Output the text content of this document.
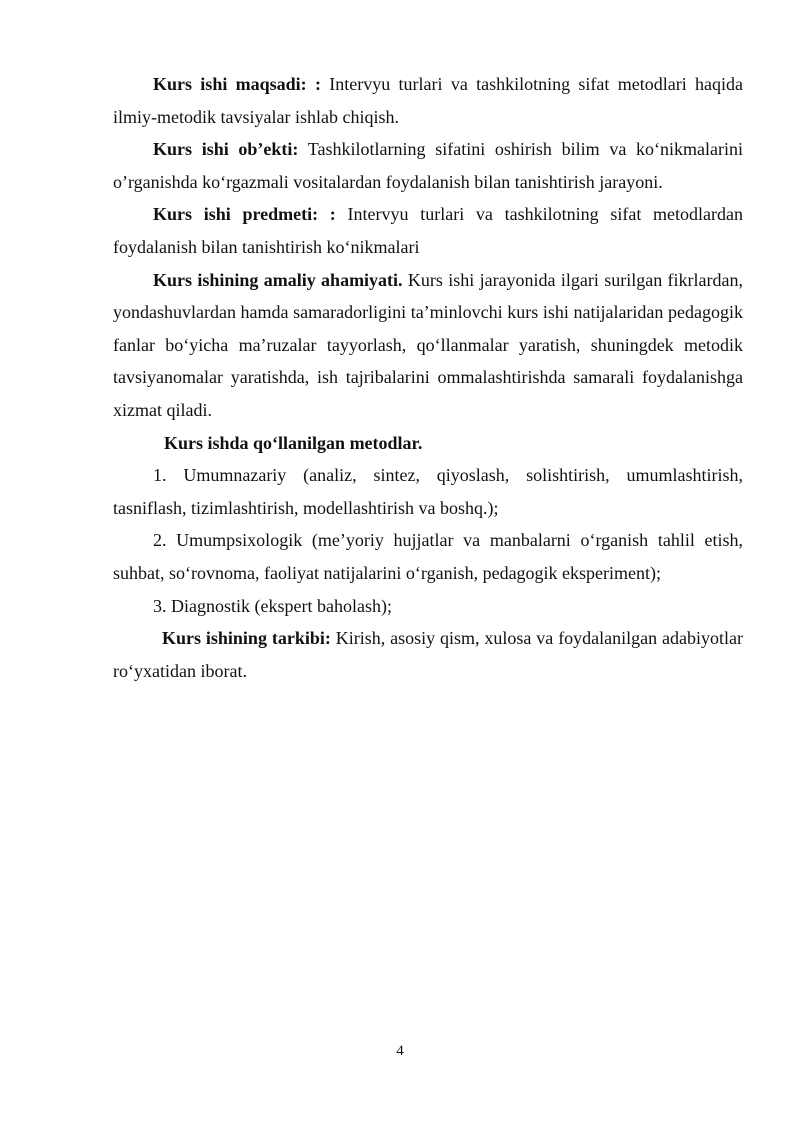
Kurs ishi maqsadi: : Intervyu turlari va tashkilotning sifat metodlari haqida ilmiy-metodik tavsiyalar ishlab chiqish.

Kurs ishi ob’ekti: Tashkilotlarning sifatini oshirish bilim va ko‘nikmalarini o’rganishda ko‘rgazmali vositalardan foydalanish bilan tanishtirish jarayoni.

Kurs ishi predmeti: : Intervyu turlari va tashkilotning sifat metodlardan foydalanish bilan tanishtirish ko‘nikmalari

Kurs ishining amaliy ahamiyati. Kurs ishi jarayonida ilgari surilgan fikrlardan, yondashuvlardan hamda samaradorligini ta’minlovchi kurs ishi natijalaridan pedagogik fanlar bo‘yicha ma’ruzalar tayyorlash, qo‘llanmalar yaratish, shuningdek metodik tavsiyanomalar yaratishda, ish tajribalarini ommalashtirishda samarali foydalanishga xizmat qiladi.

Kurs ishda qo‘llanilgan metodlar.

1. Umumnazariy (analiz, sintez, qiyoslash, solishtirish, umumlashtirish, tasniflash, tizimlashtirish, modellashtirish va boshq.);

2. Umumpsixologik (me’yoriy hujjatlar va manbalarni o‘rganish tahlil etish, suhbat, so‘rovnoma, faoliyat natijalarini o‘rganish, pedagogik eksperiment);

3. Diagnostik (ekspert baholash);

Kurs ishining tarkibi: Kirish, asosiy qism, xulosa va foydalanilgan adabiyotlar ro‘yxatidan iborat.

4
